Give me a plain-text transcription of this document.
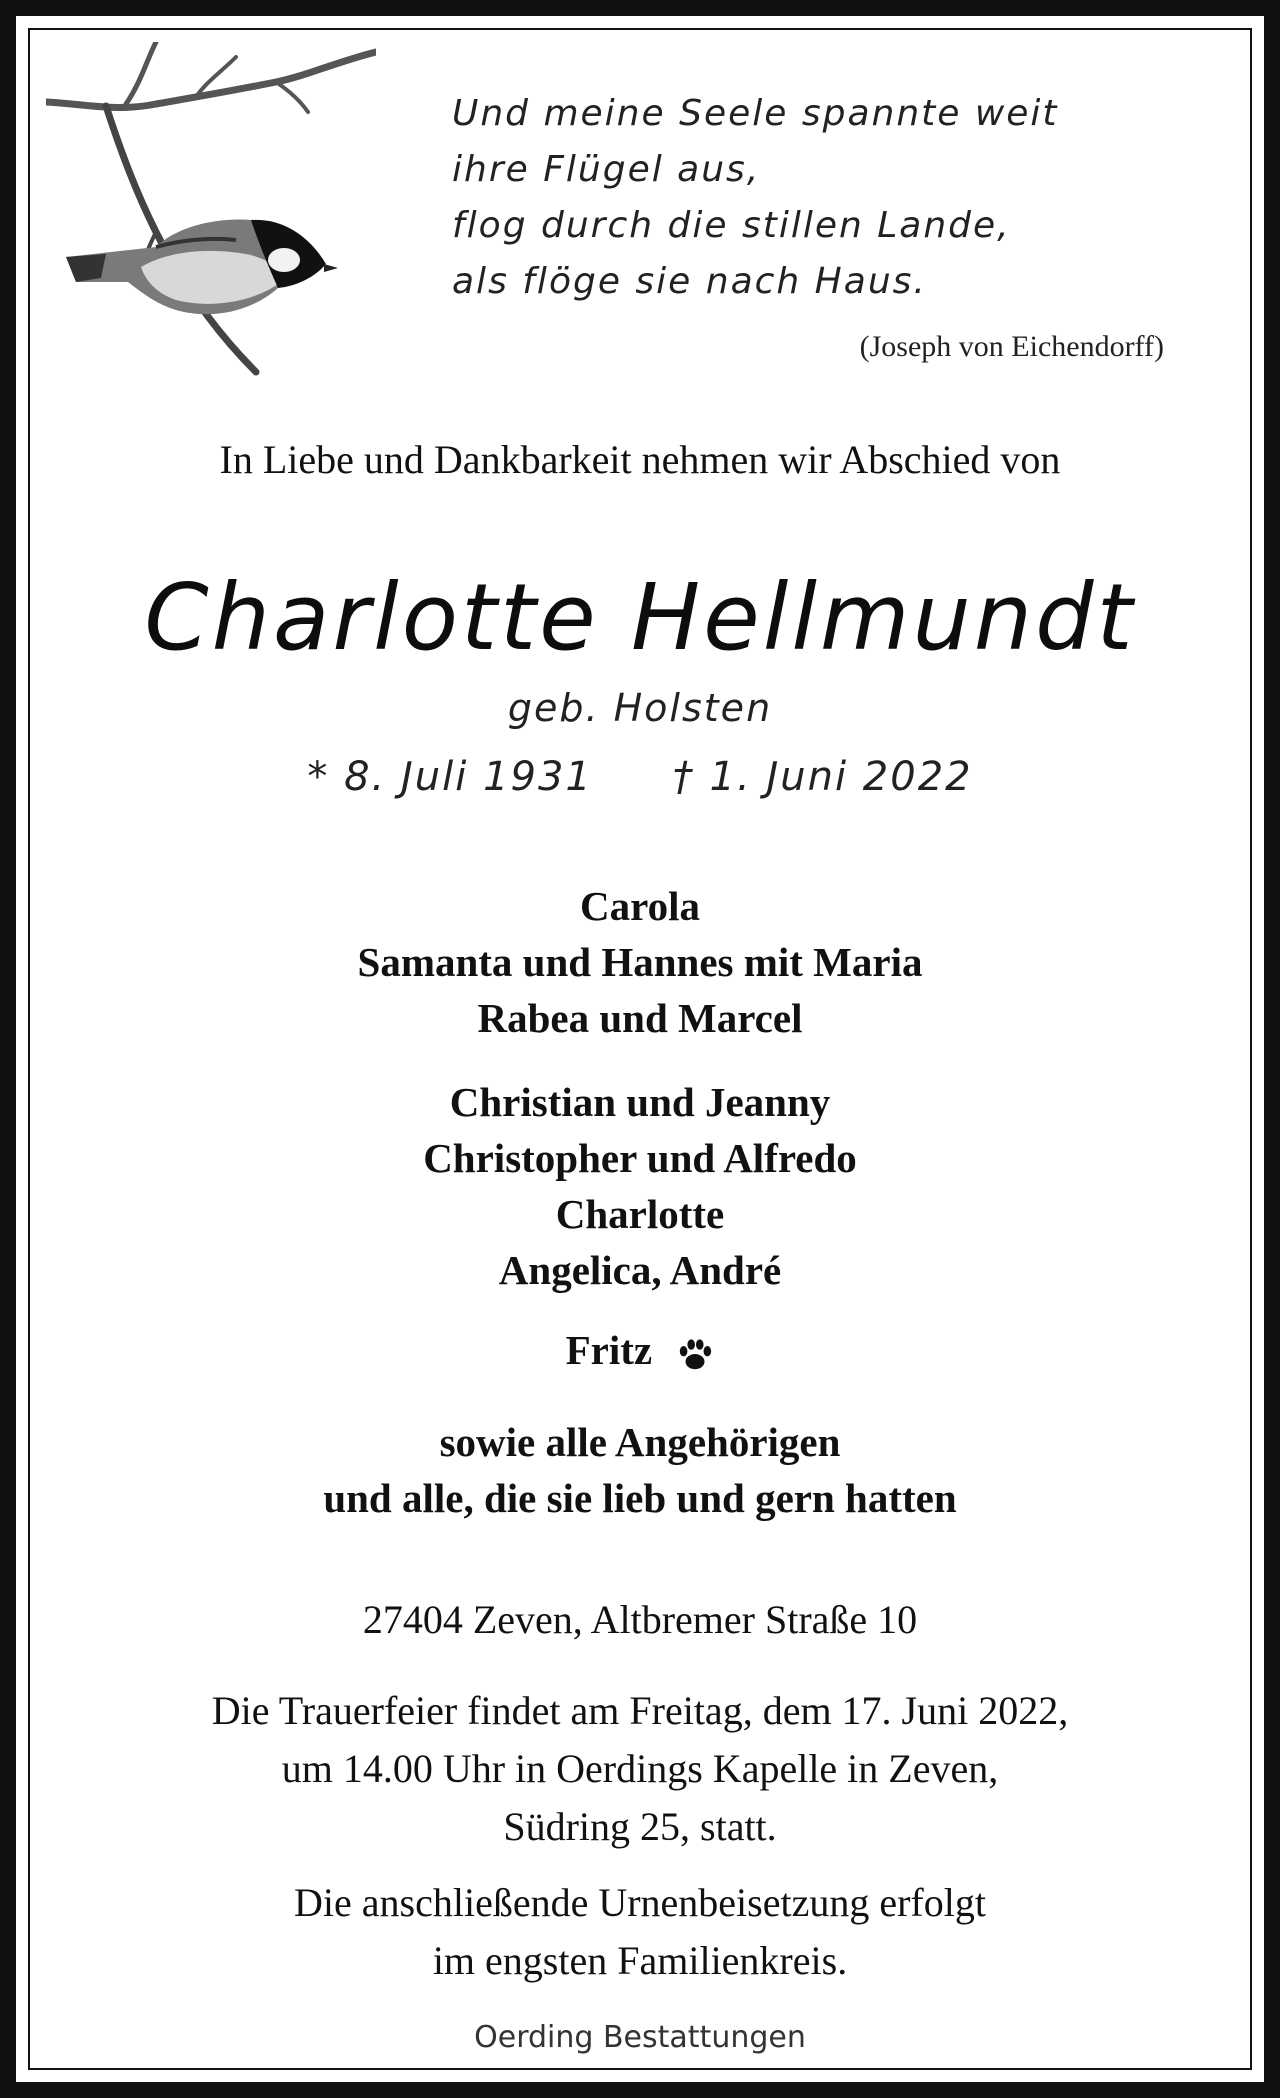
Und meine Seele spannte weit
ihre Flügel aus,
flog durch die stillen Lande,
als flöge sie nach Haus.
(Joseph von Eichendorff)
In Liebe und Dankbarkeit nehmen wir Abschied von
Charlotte Hellmundt
geb. Holsten
* 8. Juli 1931 † 1. Juni 2022
Carola
Samanta und Hannes mit Maria
Rabea und Marcel
Christian und Jeanny
Christopher und Alfredo
Charlotte
Angelica, André
Fritz
sowie alle Angehörigen
und alle, die sie lieb und gern hatten
27404 Zeven, Altbremer Straße 10
Die Trauerfeier findet am Freitag, dem 17. Juni 2022,
um 14.00 Uhr in Oerdings Kapelle in Zeven,
Südring 25, statt.
Die anschließende Urnenbeisetzung erfolgt
im engsten Familienkreis.
Oerding Bestattungen
